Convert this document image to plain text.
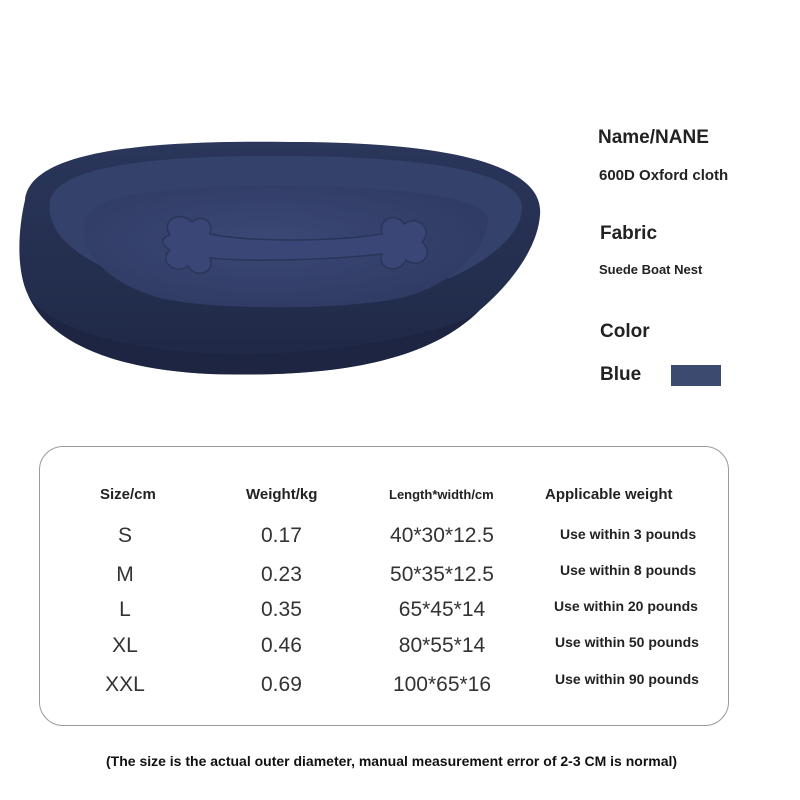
Name/NANE
600D Oxford cloth
Fabric
Suede Boat Nest
Color
Blue
Size/cm	Weight/kg	Length*width/cm	Applicable weight
S	0.17	40*30*12.5	Use within 3 pounds
M	0.23	50*35*12.5	Use within 8 pounds
L	0.35	65*45*14	Use within 20 pounds
XL	0.46	80*55*14	Use within 50 pounds
XXL	0.69	100*65*16	Use within 90 pounds
(The size is the actual outer diameter, manual measurement error of 2-3 CM is normal)
